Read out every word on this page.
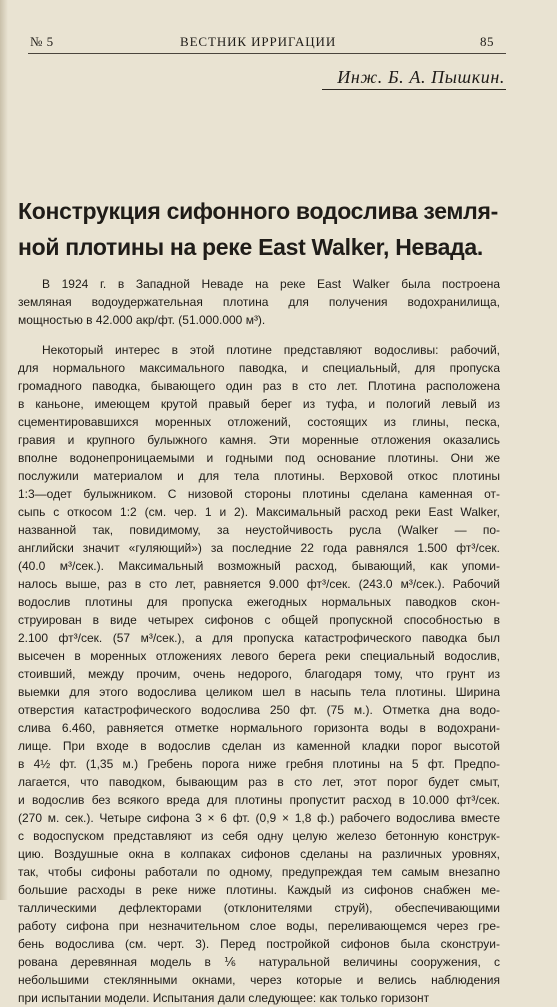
№ 5	ВЕСТНИК ИРРИГАЦИИ	85
Инж. Б. А. Пышкин.
Конструкция сифонного водослива земля-
ной плотины на реке East Walker, Невада.
В 1924 г. в Западной Неваде на реке East Walker была построена
земляная водоудержательная плотина для получения водохранилища,
мощностью в 42.000 акр/фт. (51.000.000 м³).
Некоторый интерес в этой плотине представляют водосливы: рабочий,
для нормального максимального паводка, и специальный, для пропуска
громадного паводка, бывающего один раз в сто лет. Плотина расположена
в каньоне, имеющем крутой правый берег из туфа, и пологий левый из
сцементировавшихся моренных отложений, состоящих из глины, песка,
гравия и крупного булыжного камня. Эти моренные отложения оказались
вполне водонепроницаемыми и годными под основание плотины. Они же
послужили материалом и для тела плотины. Верховой откос плотины
1:3—одет булыжником. С низовой стороны плотины сделана каменная от-
сыпь с откосом 1:2 (см. чер. 1 и 2). Максимальный расход реки East Walker,
названной так, повидимому, за неустойчивость русла (Walker — по-
английски значит «гуляющий») за последние 22 года равнялся 1.500 фт³/сек.
(40.0 м³/сек.). Максимальный возможный расход, бывающий, как упоми-
налось выше, раз в сто лет, равняется 9.000 фт³/сек. (243.0 м³/сек.). Рабочий
водослив плотины для пропуска ежегодных нормальных паводков скон-
струирован в виде четырех сифонов с общей пропускной способностью в
2.100 фт³/сек. (57 м³/сек.), а для пропуска катастрофического паводка был
высечен в моренных отложениях левого берега реки специальный водослив,
стоивший, между прочим, очень недорого, благодаря тому, что грунт из
выемки для этого водослива целиком шел в насыпь тела плотины. Ширина
отверстия катастрофического водослива 250 фт. (75 м.). Отметка дна водо-
слива 6.460, равняется отметке нормального горизонта воды в водохрани-
лище. При входе в водослив сделан из каменной кладки порог высотой
в 4½ фт. (1,35 м.) Гребень порога ниже гребня плотины на 5 фт. Предпо-
лагается, что паводком, бывающим раз в сто лет, этот порог будет смыт,
и водослив без всякого вреда для плотины пропустит расход в 10.000 фт³/сек.
(270 м. сек.). Четыре сифона 3 × 6 фт. (0,9 × 1,8 ф.) рабочего водослива вместе
с водоспуском представляют из себя одну целую железо бетонную конструк-
цию. Воздушные окна в колпаках сифонов сделаны на различных уровнях,
так, чтобы сифоны работали по одному, предупреждая тем самым внезапно
большие расходы в реке ниже плотины. Каждый из сифонов снабжен ме-
таллическими дефлекторами (отклонителями струй), обеспечивающими
работу сифона при незначительном слое воды, переливающемся через гре-
бень водослива (см. черт. 3). Перед постройкой сифонов была сконструи-
рована деревянная модель в ⅙ натуральной величины сооружения, с
небольшими стеклянными окнами, через которые и велись наблюдения
при испытании модели. Испытания дали следующее: как только горизонт
